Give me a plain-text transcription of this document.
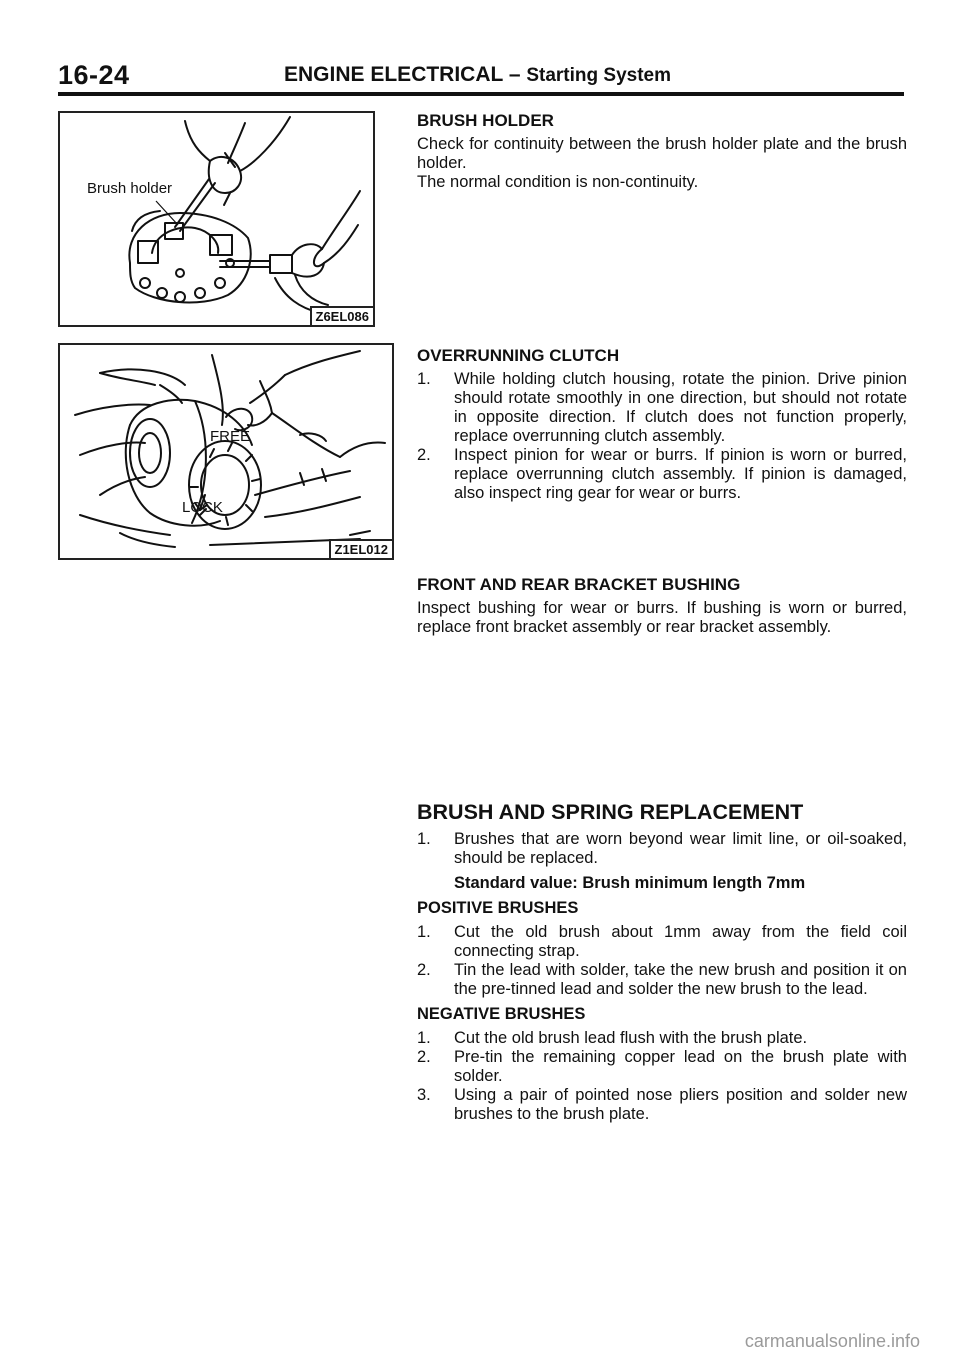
16-24	ENGINE ELECTRICAL – Starting System
Brush holder
Z6EL086
FREE
LOCK
Z1EL012
BRUSH HOLDER

Check for continuity between the brush holder plate and the brush holder.

The normal condition is non-continuity.

OVERRUNNING CLUTCH
1. While holding clutch housing, rotate the pinion. Drive pinion should rotate smoothly in one direction, but should not rotate in opposite direction. If clutch does not function properly, replace overrunning clutch assembly.
2. Inspect pinion for wear or burrs. If pinion is worn or burred, replace overrunning clutch assembly. If pinion is damaged, also inspect ring gear for wear or burrs.
FRONT AND REAR BRACKET BUSHING

Inspect bushing for wear or burrs. If bushing is worn or burred, replace front bracket assembly or rear bracket assembly.

BRUSH AND SPRING REPLACEMENT
1. Brushes that are worn beyond wear limit line, or oil-soaked, should be replaced.
Standard value: Brush minimum length 7mm
POSITIVE BRUSHES
1. Cut the old brush about 1mm away from the field coil connecting strap.
2. Tin the lead with solder, take the new brush and position it on the pre-tinned lead and solder the new brush to the lead.
NEGATIVE BRUSHES
1. Cut the old brush lead flush with the brush plate.
2. Pre-tin the remaining copper lead on the brush plate with solder.
3. Using a pair of pointed nose pliers position and solder new brushes to the brush plate.
carmanualsonline.info
